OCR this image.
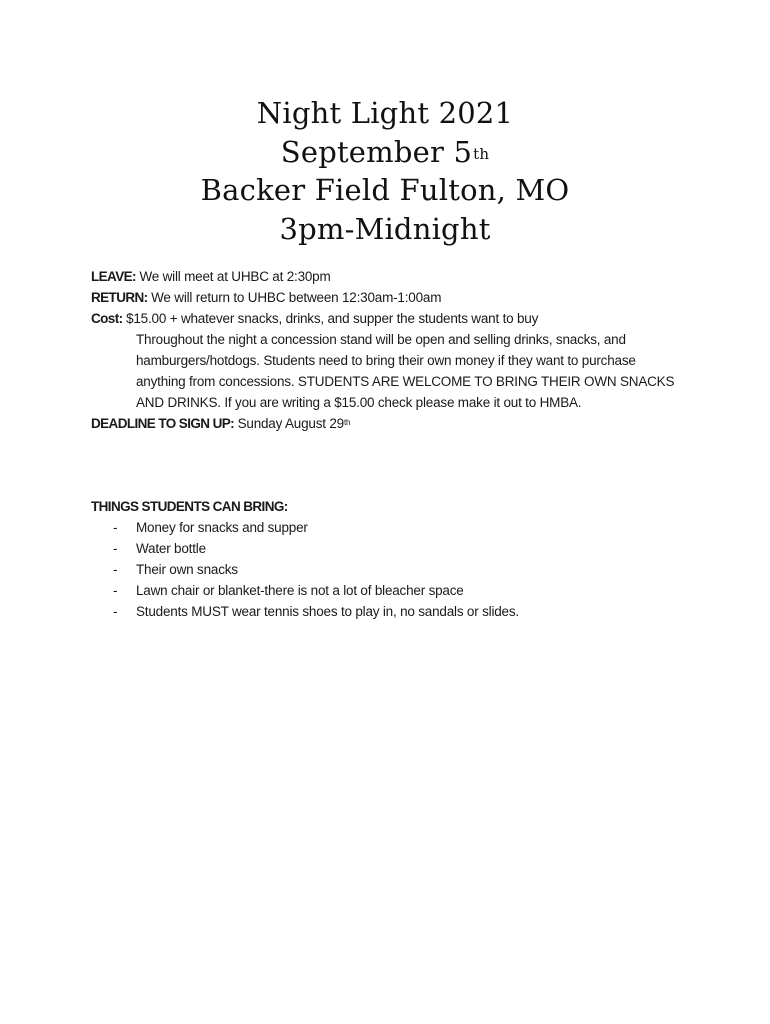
Night Light 2021
September 5th
Backer Field Fulton, MO
3pm-Midnight
LEAVE: We will meet at UHBC at 2:30pm
RETURN: We will return to UHBC between 12:30am-1:00am
Cost: $15.00 + whatever snacks, drinks, and supper the students want to buy
Throughout the night a concession stand will be open and selling drinks, snacks, and
hamburgers/hotdogs. Students need to bring their own money if they want to purchase
anything from concessions. STUDENTS ARE WELCOME TO BRING THEIR OWN SNACKS
AND DRINKS. If you are writing a $15.00 check please make it out to HMBA.
DEADLINE TO SIGN UP: Sunday August 29th
THINGS STUDENTS CAN BRING:
- Money for snacks and supper
- Water bottle
- Their own snacks
- Lawn chair or blanket-there is not a lot of bleacher space
- Students MUST wear tennis shoes to play in, no sandals or slides.
